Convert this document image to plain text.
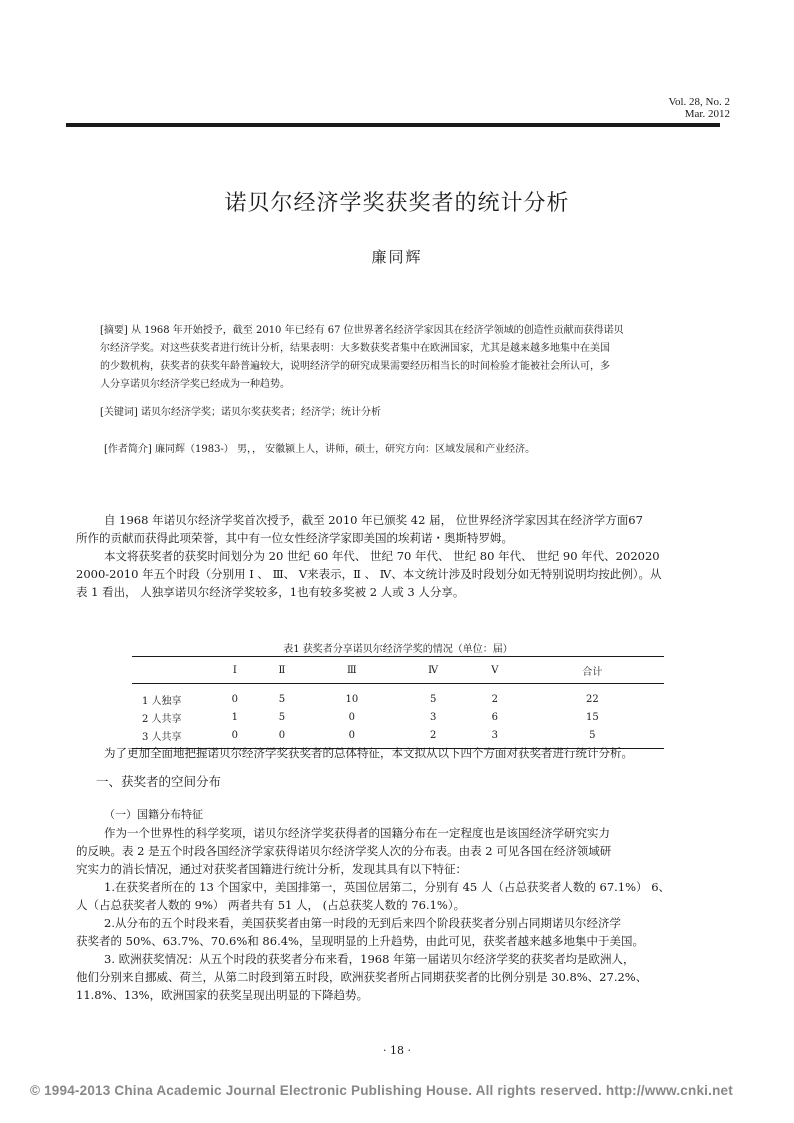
Vol. 28, No. 2
Mar. 2012
诺贝尔经济学奖获奖者的统计分析
廉同辉
[摘要] 从 1968 年开始授予，截至 2010 年已经有 67 位世界著名经济学家因其在经济学领域的创造性贡献而获得诺贝
尔经济学奖。对这些获奖者进行统计分析，结果表明：大多数获奖者集中在欧洲国家，尤其是越来越多地集中在美国
的少数机构，获奖者的获奖年龄普遍较大，说明经济学的研究成果需要经历相当长的时间检验才能被社会所认可，多
人分享诺贝尔经济学奖已经成为一种趋势。
[关键词] 诺贝尔经济学奖；诺贝尔奖获奖者；经济学；统计分析
[作者简介] 廉同辉（1983-） 男，， 安徽颍上人，讲师，硕士，研究方向：区域发展和产业经济。
自 1968 年诺贝尔经济学奖首次授予，截至 2010 年已颁奖 42 届， 位世界经济学家因其在经济学方面67
所作的贡献而获得此项荣誉，其中有一位女性经济学家即美国的埃莉诺・奥斯特罗姆。
本文将获奖者的获奖时间划分为 20 世纪 60 年代、 世纪 70 年代、 世纪 80 年代、 世纪 90 年代、202020
2000-2010 年五个时段（分别用 Ⅰ 、 Ⅲ、 Ⅴ来表示，Ⅱ 、 Ⅳ、本文统计涉及时段划分如无特别说明均按此例）。从
表 1 看出， 人独享诺贝尔经济学奖较多，1也有较多奖被 2 人或 3 人分享。
表1 获奖者分享诺贝尔经济学奖的情况（单位：届）						
	Ⅰ	Ⅱ	Ⅲ	Ⅳ	Ⅴ	合计
1 人独享	0	5	10	5	2	22
2 人共享	1	5	0	3	6	15
3 人共享	0	0	0	2	3	5
为了更加全面地把握诺贝尔经济学奖获奖者的总体特征，本文拟从以下四个方面对获奖者进行统计分析。
一、获奖者的空间分布
（一）国籍分布特征
作为一个世界性的科学奖项，诺贝尔经济学奖获得者的国籍分布在一定程度也是该国经济学研究实力
的反映。表 2 是五个时段各国经济学家获得诺贝尔经济学奖人次的分布表。由表 2 可见各国在经济领域研
究实力的消长情况，通过对获奖者国籍进行统计分析，发现其具有以下特征：
1.在获奖者所在的 13 个国家中，美国排第一，英国位居第二，分别有 45 人（占总获奖者人数的 67.1%） 6、
人（占总获奖者人数的 9%） 两者共有 51 人， (占总获奖人数的 76.1%）。
2.从分布的五个时段来看，美国获奖者由第一时段的无到后来四个阶段获奖者分别占同期诺贝尔经济学
获奖者的 50%、63.7%、70.6%和 86.4%，呈现明显的上升趋势，由此可见，获奖者越来越多地集中于美国。
3. 欧洲获奖情况：从五个时段的获奖者分布来看，1968 年第一届诺贝尔经济学奖的获奖者均是欧洲人，
他们分别来自挪威、荷兰，从第二时段到第五时段，欧洲获奖者所占同期获奖者的比例分别是 30.8%、27.2%、
11.8%、13%，欧洲国家的获奖呈现出明显的下降趋势。
· 18 ·
© 1994-2013 China Academic Journal Electronic Publishing House. All rights reserved. http://www.cnki.net
